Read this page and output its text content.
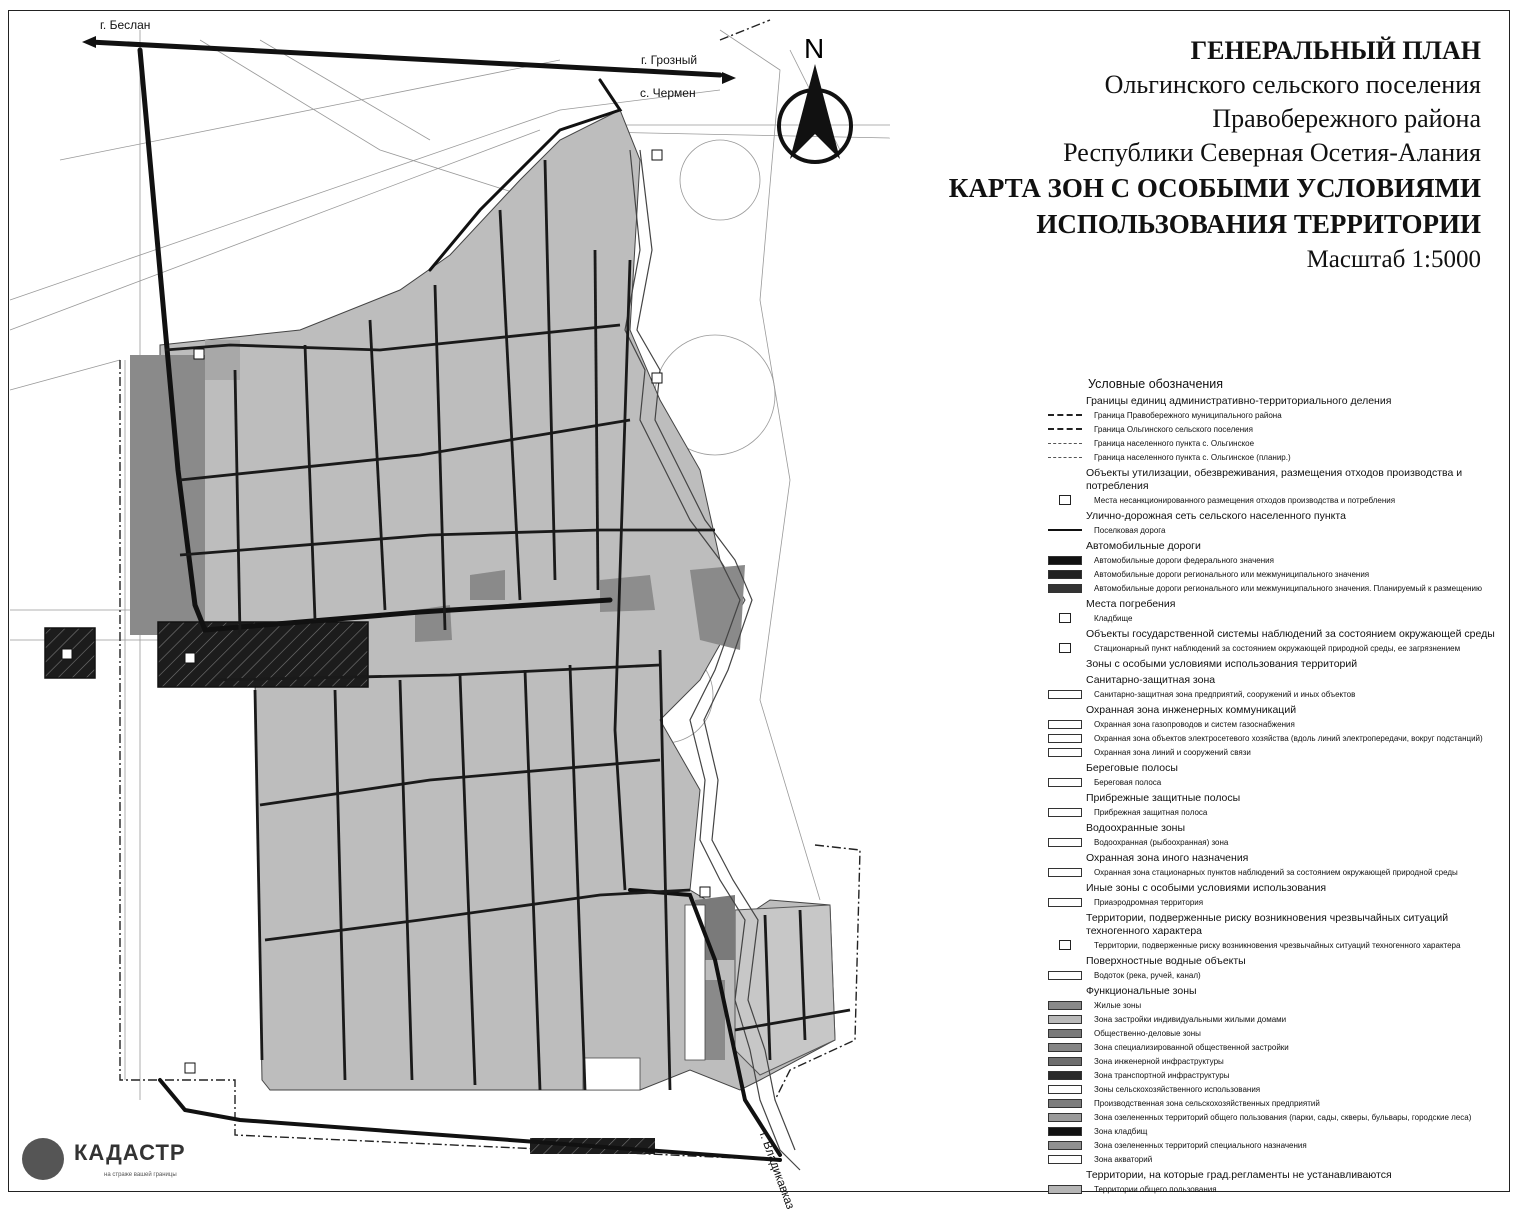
г. Беслан
г. Грозный
с. Чермен
г. Владикавказ
N	ГЕНЕРАЛЬНЫЙ ПЛАН
Ольгинского сельского поселения
Правобережного района
Республики Северная Осетия-Алания
КАРТА ЗОН С ОСОБЫМИ УСЛОВИЯМИ
ИСПОЛЬЗОВАНИЯ ТЕРРИТОРИИ
Масштаб 1:5000
Условные обозначения
Границы единиц административно-территориального деления
Граница Правобережного муниципального района
Граница Ольгинского сельского поселения
Граница населенного пункта с. Ольгинское
Граница населенного пункта с. Ольгинское (планир.)
Объекты утилизации, обезвреживания, размещения отходов производства и потребления
Места несанкционированного размещения отходов производства и потребления
Улично-дорожная сеть сельского населенного пункта
Поселковая дорога
Автомобильные дороги
Автомобильные дороги федерального значения
Автомобильные дороги регионального или межмуниципального значения
Автомобильные дороги регионального или межмуниципального значения. Планируемый к размещению
Места погребения
Кладбище
Объекты государственной системы наблюдений за состоянием окружающей среды
Стационарный пункт наблюдений за состоянием окружающей природной среды, ее загрязнением
Зоны с особыми условиями использования территорий
Санитарно-защитная зона
Санитарно-защитная зона предприятий, сооружений и иных объектов
Охранная зона инженерных коммуникаций
Охранная зона газопроводов и систем газоснабжения
Охранная зона объектов электросетевого хозяйства (вдоль линий электропередачи, вокруг подстанций)
Охранная зона линий и сооружений связи
Береговые полосы
Береговая полоса
Прибрежные защитные полосы
Прибрежная защитная полоса
Водоохранные зоны
Водоохранная (рыбоохранная) зона
Охранная зона иного назначения
Охранная зона стационарных пунктов наблюдений за состоянием окружающей природной среды
Иные зоны с особыми условиями использования
Приаэродромная территория
Территории, подверженные риску возникновения чрезвычайных ситуаций техногенного характера
Территории, подверженные риску возникновения чрезвычайных ситуаций техногенного характера
Поверхностные водные объекты
Водоток (река, ручей, канал)
Функциональные зоны
Жилые зоны
Зона застройки индивидуальными жилыми домами
Общественно-деловые зоны
Зона специализированной общественной застройки
Зона инженерной инфраструктуры
Зона транспортной инфраструктуры
Зоны сельскохозяйственного использования
Производственная зона сельскохозяйственных предприятий
Зона озелененных территорий общего пользования (парки, сады, скверы, бульвары, городские леса)
Зона кладбищ
Зона озелененных территорий специального назначения
Зона акваторий
Территории, на которые град.регламенты не устанавливаются
Территории общего пользования
КАДАСТР
на страже вашей границы
